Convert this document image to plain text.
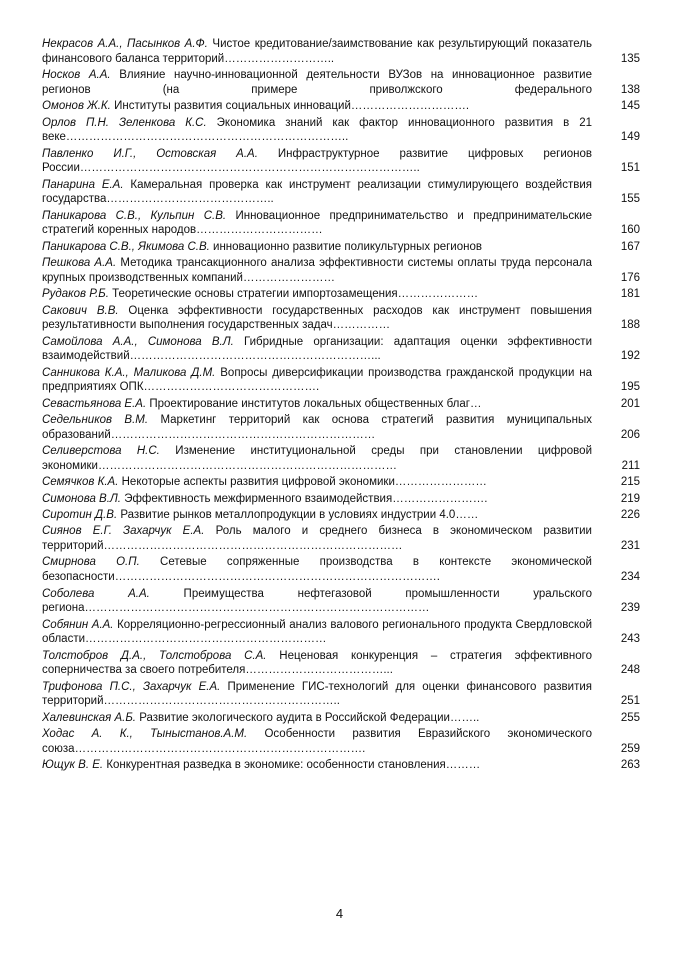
Некрасов А.А., Пасынков А.Ф. Чистое кредитование/заимствование как результирующий показатель финансового баланса территорий………………………..	135
Носков А.А. Влияние научно-инновационной деятельности ВУЗов на инновационное развитие регионов (на примере приволжского федерального	138
Омонов Ж.К. Институты развития социальных инноваций………………………….	145
Орлов П.Н. Зеленкова К.С. Экономика знаний как фактор инновационного развития в 21 веке………………………………………………………………..	149
Павленко И.Г., Остовская А.А. Инфраструктурное развитие цифровых регионов России……………………………………………………………………………..	151
Панарина Е.А. Камеральная проверка как инструмент реализации стимулирующего воздействия государства……………………………………..	155
Паникарова С.В., Кульпин С.В. Инновационное предпринимательство и предпринимательские стратегий коренных народов……………………………	160
Паникарова С.В., Якимова С.В. инновационно развитие поликультурных регионов	167
Пешкова А.А. Методика трансакционного анализа эффективности системы оплаты труда персонала крупных производственных компаний……………………	176
Рудаков Р.Б. Теоретические основы стратегии импортозамещения…………………	181
Сакович В.В. Оценка эффективности государственных расходов как инструмент повышения результативности выполнения государственных задач……………	188
Самойлова А.А., Симонова В.Л. Гибридные организации: адаптация оценки эффективности взаимодействий………………………………………………………...	192
Санникова К.А., Маликова Д.М. Вопросы диверсификации производства гражданской продукции на предприятиях ОПК……………………………………….	195
Севастьянова Е.А. Проектирование институтов локальных общественных благ…	201
Седельников В.М. Маркетинг территорий как основа стратегий развития муниципальных образований……………………………………………………………	206
Селиверстова Н.С. Изменение институциональной среды при становлении цифровой экономики……………………………………………………………………	211
Семячков К.А. Некоторые аспекты развития цифровой экономики……………………	215
Симонова В.Л. Эффективность межфирменного взаимодействия…………………….	219
Сиротин Д.В. Развитие рынков металлопродукции в условиях индустрии 4.0……	226
Сиянов Е.Г. Захарчук Е.А. Роль малого и среднего бизнеса в экономическом развитии территорий……………………………………………………………………	231
Смирнова О.П. Сетевые сопряженные производства в контексте экономической безопасности………………………………………………………………………….	234
Соболева А.А.	Преимущества нефтегазовой промышленности уральского региона………………………………………………………………………………	239
Собянин А.А. Корреляционно-регрессионный анализ валового регионального продукта Свердловской области………………………………………………………	243
Толстобров Д.А., Толстоброва С.А. Неценовая конкуренция – стратегия эффективного соперничества за своего потребителя………………………………...	248
Трифонова П.С., Захарчук Е.А. Применение ГИС-технологий для оценки финансового развития территорий……………………………………………………..	251
Халевинская А.Б. Развитие экологического аудита в Российской Федерации……..	255
Ходас А. К., Тыныстанов.А.М. Особенности развития Евразийского экономического союза………………………………………………………………….	259
Ющук В. Е. Конкурентная разведка в экономике: особенности становления………	263
4
